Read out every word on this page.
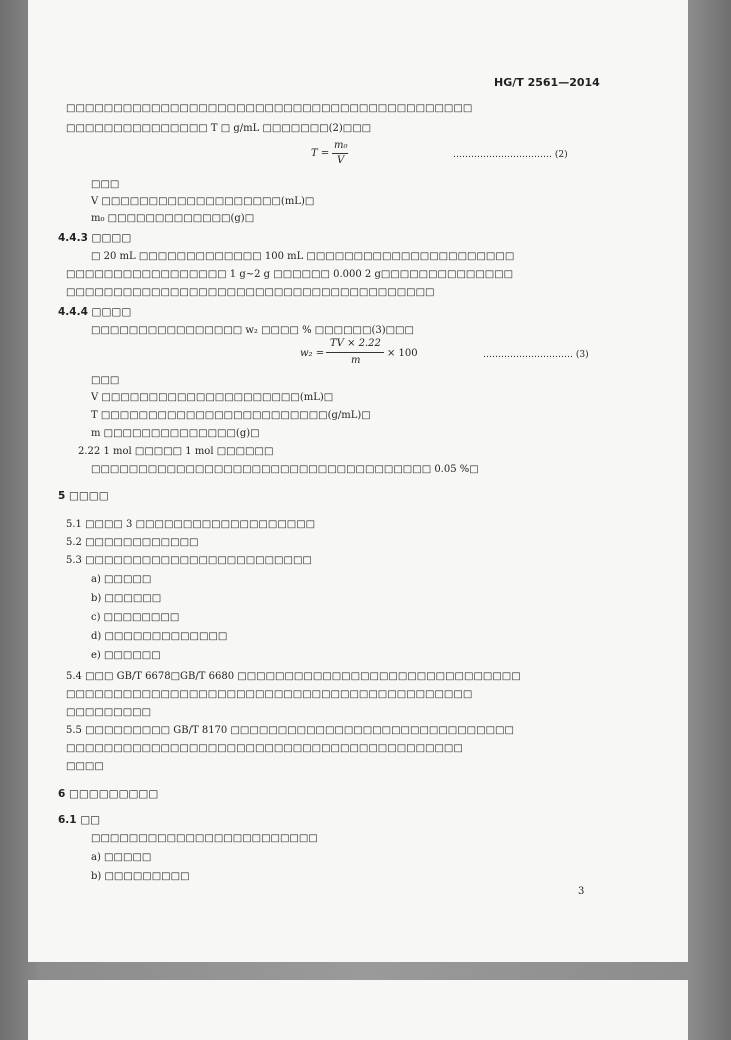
HG/T 2561—2014
□□□□□□□□□□□□□□□□□□□□□□□□□□□□□□□□□□□□□□□□□□□
□□□□□□□□□□□□□□□ T □ g/mL □□□□□□□(2)□□□
T =
m₀
V	…………………………… (2)
□□□
V □□□□□□□□□□□□□□□□□□□(mL)□
m₀ □□□□□□□□□□□□□(g)□
4.4.3 □□□□
□ 20 mL □□□□□□□□□□□□□ 100 mL □□□□□□□□□□□□□□□□□□□□□□
□□□□□□□□□□□□□□□□□ 1 g~2 g □□□□□□ 0.000 2 g□□□□□□□□□□□□□□
□□□□□□□□□□□□□□□□□□□□□□□□□□□□□□□□□□□□□□□
4.4.4 □□□□
□□□□□□□□□□□□□□□□ w₂ □□□□ % □□□□□□(3)□□□
w₂ =
TV × 2.22
m
× 100	………………………… (3)
□□□
V □□□□□□□□□□□□□□□□□□□□□(mL)□
T □□□□□□□□□□□□□□□□□□□□□□□□(g/mL)□
m □□□□□□□□□□□□□□(g)□
2.22 1 mol □□□□□ 1 mol □□□□□□
□□□□□□□□□□□□□□□□□□□□□□□□□□□□□□□□□□□□ 0.05 %□
5 □□□□
5.1 □□□□ 3 □□□□□□□□□□□□□□□□□□□
5.2 □□□□□□□□□□□□
5.3 □□□□□□□□□□□□□□□□□□□□□□□□
a) □□□□□
b) □□□□□□
c) □□□□□□□□
d) □□□□□□□□□□□□□
e) □□□□□□
5.4 □□□ GB/T 6678□GB/T 6680 □□□□□□□□□□□□□□□□□□□□□□□□□□□□□□
□□□□□□□□□□□□□□□□□□□□□□□□□□□□□□□□□□□□□□□□□□□
□□□□□□□□□
5.5 □□□□□□□□□ GB/T 8170 □□□□□□□□□□□□□□□□□□□□□□□□□□□□□□
□□□□□□□□□□□□□□□□□□□□□□□□□□□□□□□□□□□□□□□□□□
□□□□
6 □□□□□□□□□
6.1 □□
□□□□□□□□□□□□□□□□□□□□□□□□
a) □□□□□
b) □□□□□□□□□
3
